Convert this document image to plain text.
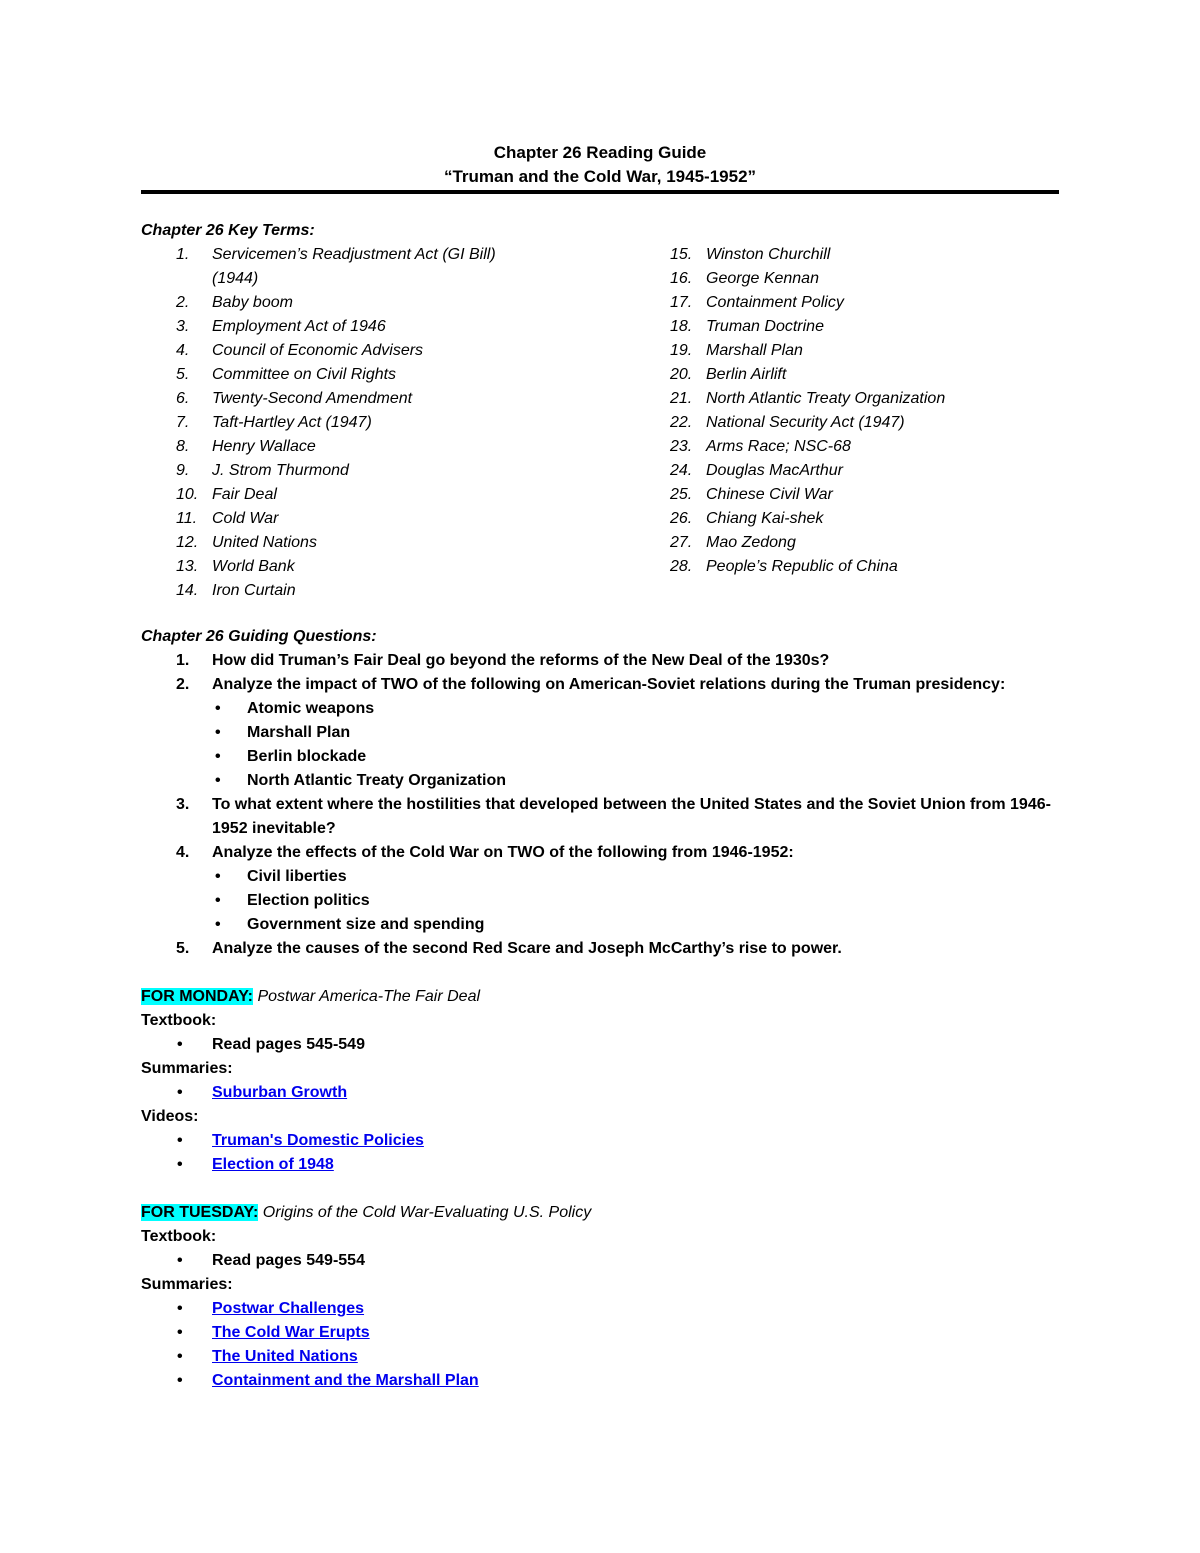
Chapter 26 Reading Guide
“Truman and the Cold War, 1945-1952”
Chapter 26 Key Terms:
1. Servicemen’s Readjustment Act (GI Bill)
(1944)
2. Baby boom
3. Employment Act of 1946
4. Council of Economic Advisers
5. Committee on Civil Rights
6. Twenty-Second Amendment
7. Taft-Hartley Act (1947)
8. Henry Wallace
9. J. Strom Thurmond
10. Fair Deal
11. Cold War
12. United Nations
13. World Bank
14. Iron Curtain
15. Winston Churchill
16. George Kennan
17. Containment Policy
18. Truman Doctrine
19. Marshall Plan
20. Berlin Airlift
21. North Atlantic Treaty Organization
22. National Security Act (1947)
23. Arms Race; NSC-68
24. Douglas MacArthur
25. Chinese Civil War
26. Chiang Kai-shek
27. Mao Zedong
28. People’s Republic of China
Chapter 26 Guiding Questions:
1. How did Truman’s Fair Deal go beyond the reforms of the New Deal of the 1930s?
2. Analyze the impact of TWO of the following on American-Soviet relations during the Truman presidency:
• Atomic weapons
• Marshall Plan
• Berlin blockade
• North Atlantic Treaty Organization
3. To what extent where the hostilities that developed between the United States and the Soviet Union from 1946-1952 inevitable?
4. Analyze the effects of the Cold War on TWO of the following from 1946-1952:
• Civil liberties
• Election politics
• Government size and spending
5. Analyze the causes of the second Red Scare and Joseph McCarthy’s rise to power.
FOR MONDAY: Postwar America-The Fair Deal
Textbook:
• Read pages 545-549
Summaries:
• Suburban Growth
Videos:
• Truman's Domestic Policies
• Election of 1948
FOR TUESDAY: Origins of the Cold War-Evaluating U.S. Policy
Textbook:
• Read pages 549-554
Summaries:
• Postwar Challenges
• The Cold War Erupts
• The United Nations
• Containment and the Marshall Plan
